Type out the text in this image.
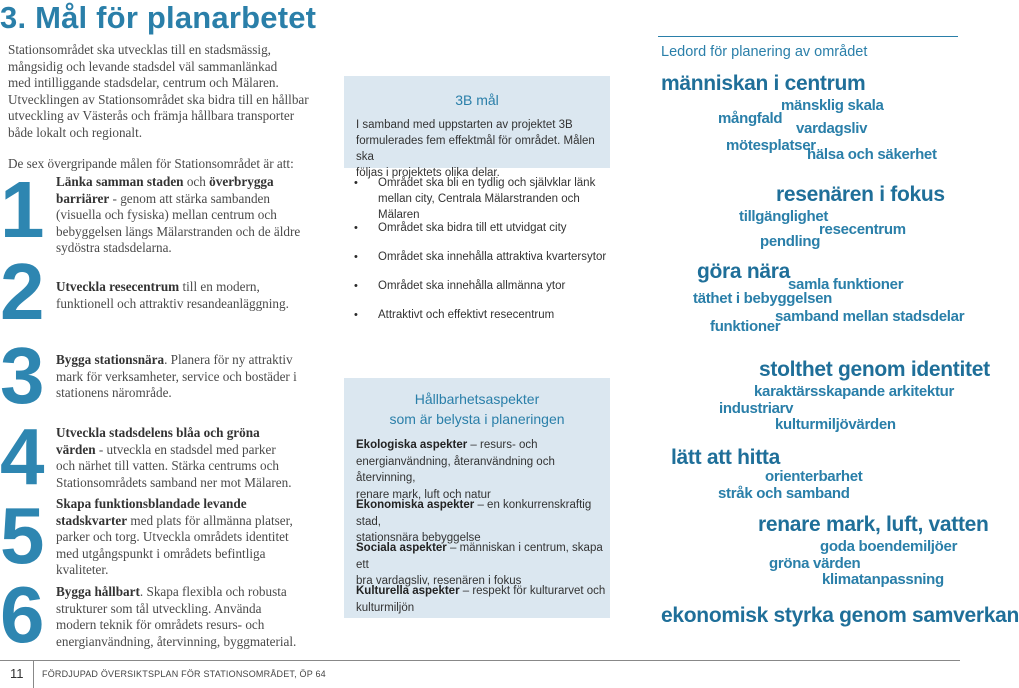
3. Mål för planarbetet
Stationsområdet ska utvecklas till en stadsmässig,
mångsidig och levande stadsdel väl sammanlänkad
med intilliggande stadsdelar, centrum och Mälaren.
Utvecklingen av Stationsområdet ska bidra till en hållbar
utveckling av Västerås och främja hållbara transporter
både lokalt och regionalt.
De sex övergripande målen för Stationsområdet är att:
1
2
3
4
5
6
Länka samman staden och överbrygga
barriärer - genom att stärka sambanden
(visuella och fysiska) mellan centrum och
bebyggelsen längs Mälarstranden och de äldre
sydöstra stadsdelarna.
Utveckla resecentrum till en modern,
funktionell och attraktiv resandeanläggning.
Bygga stationsnära. Planera för ny attraktiv
mark för verksamheter, service och bostäder i
stationens närområde.
Utveckla stadsdelens blåa och gröna
värden - utveckla en stadsdel med parker
och närhet till vatten. Stärka centrums och
Stationsområdets samband ner mot Mälaren.
Skapa funktionsblandade levande
stadskvarter med plats för allmänna platser,
parker och torg. Utveckla områdets identitet
med utgångspunkt i områdets befintliga
kvaliteter.
Bygga hållbart. Skapa flexibla och robusta
strukturer som tål utveckling. Använda
modern teknik för områdets resurs- och
energianvändning, återvinning, byggmaterial.
3B mål
I samband med uppstarten av projektet 3B
formulerades fem effektmål för området. Målen ska
följas i projektets olika delar.
• Området ska bli en tydlig och självklar länk
mellan city, Centrala Mälarstranden och Mälaren
• Området ska bidra till ett utvidgat city
• Området ska innehålla attraktiva kvartersytor
• Området ska innehålla allmänna ytor
• Attraktivt och effektivt resecentrum
Hållbarhetsaspekter
som är belysta i planeringen
Ekologiska aspekter – resurs- och
energianvändning, återanvändning och återvinning,
renare mark, luft och natur
Ekonomiska aspekter – en konkurrenskraftig stad,
stationsnära bebyggelse
Sociala aspekter – människan i centrum, skapa ett
bra vardagsliv, resenären i fokus
Kulturella aspekter – respekt för kulturarvet och
kulturmiljön
Ledord för planering av området
människan i centrum
mänsklig skala
mångfald
vardagsliv
mötesplatser
hälsa och säkerhet
resenären i fokus
tillgänglighet
resecentrum
pendling
göra nära
samla funktioner
täthet i bebyggelsen
samband mellan stadsdelar
funktioner
stolthet genom identitet
karaktärsskapande arkitektur
industriarv
kulturmiljövärden
lätt att hitta
orienterbarhet
stråk och samband
renare mark, luft, vatten
goda boendemiljöer
gröna värden
klimatanpassning
ekonomisk styrka genom samverkan
11 FÖRDJUPAD ÖVERSIKTSPLAN FÖR STATIONSOMRÅDET, ÖP 64
